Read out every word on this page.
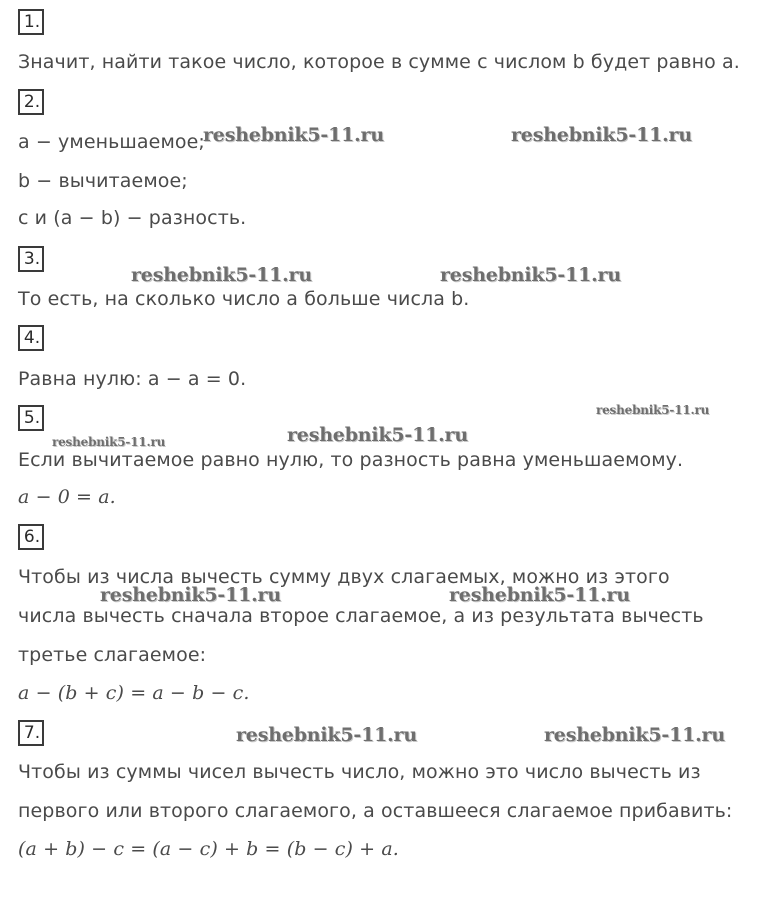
1.
2.
3.
4.
5.
6.
7.
Значит, найти такое число, которое в сумме с числом b будет равно a.
a − уменьшаемое;
b − вычитаемое;
c и (a − b) − разность.
То есть, на сколько число a больше числа b.
Равна нулю: a − a = 0.
Если вычитаемое равно нулю, то разность равна уменьшаемому.
a − 0 = a.
Чтобы из числа вычесть сумму двух слагаемых, можно из этого
числа вычесть сначала второе слагаемое, а из результата вычесть
третье слагаемое:
a − (b + c) = a − b − c.
Чтобы из суммы чисел вычесть число, можно это число вычесть из
первого или второго слагаемого, а оставшееся слагаемое прибавить:
(a + b) − c = (a − c) + b = (b − c) + a.
reshebnik5-11.ru	reshebnik5-11.ru
reshebnik5-11.ru	reshebnik5-11.ru
reshebnik5-11.ru
reshebnik5-11.ru	reshebnik5-11.ru
reshebnik5-11.ru	reshebnik5-11.ru
reshebnik5-11.ru	reshebnik5-11.ru
